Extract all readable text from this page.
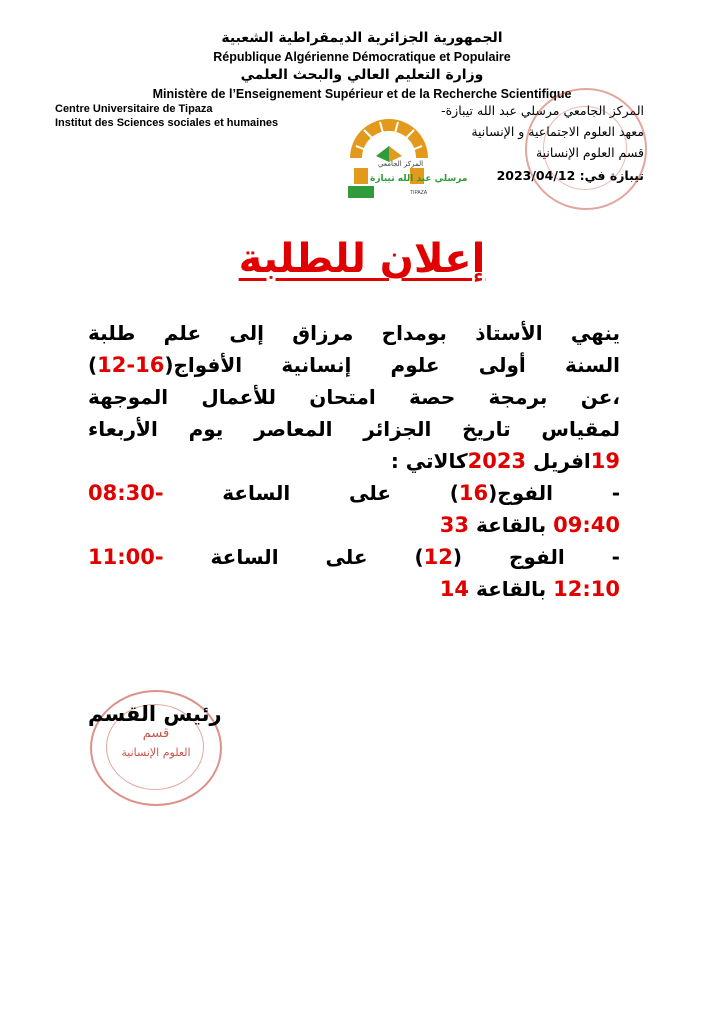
الجمهورية الجزائرية الديمقراطية الشعبية
République Algérienne Démocratique et Populaire
وزارة التعليم العالي والبحث العلمي
Ministère de l’Enseignement Supérieur et de la Recherche Scientifique
Centre Universitaire de Tipaza
Institut des Sciences sociales et humaines
المركز الجامعي مرسلي عبد الله تيبازة-
معهد العلوم الاجتماعية و الإنسانية
قسم العلوم الإنسانية
تيبازة في: 2023/04/12
المركز الجامعي
مرسلي عبد الله تيبازة
TIPAZA
إعلان للطلبة
ينهي الأستاذ بومداح مرزاق إلى علم طلبة
السنة أولى علوم إنسانية الأفواج(16-12)
،عن برمجة حصة امتحان للأعمال الموجهة
لمقياس تاريخ الجزائر المعاصر يوم الأربعاء
19افريل 2023كالاتي :
- الفوج(16) على الساعة 08:30-
09:40 بالقاعة 33
- الفوج (12) على الساعة 11:00-
12:10 بالقاعة 14
قسم
العلوم الإنسانية
رئيس القسم
